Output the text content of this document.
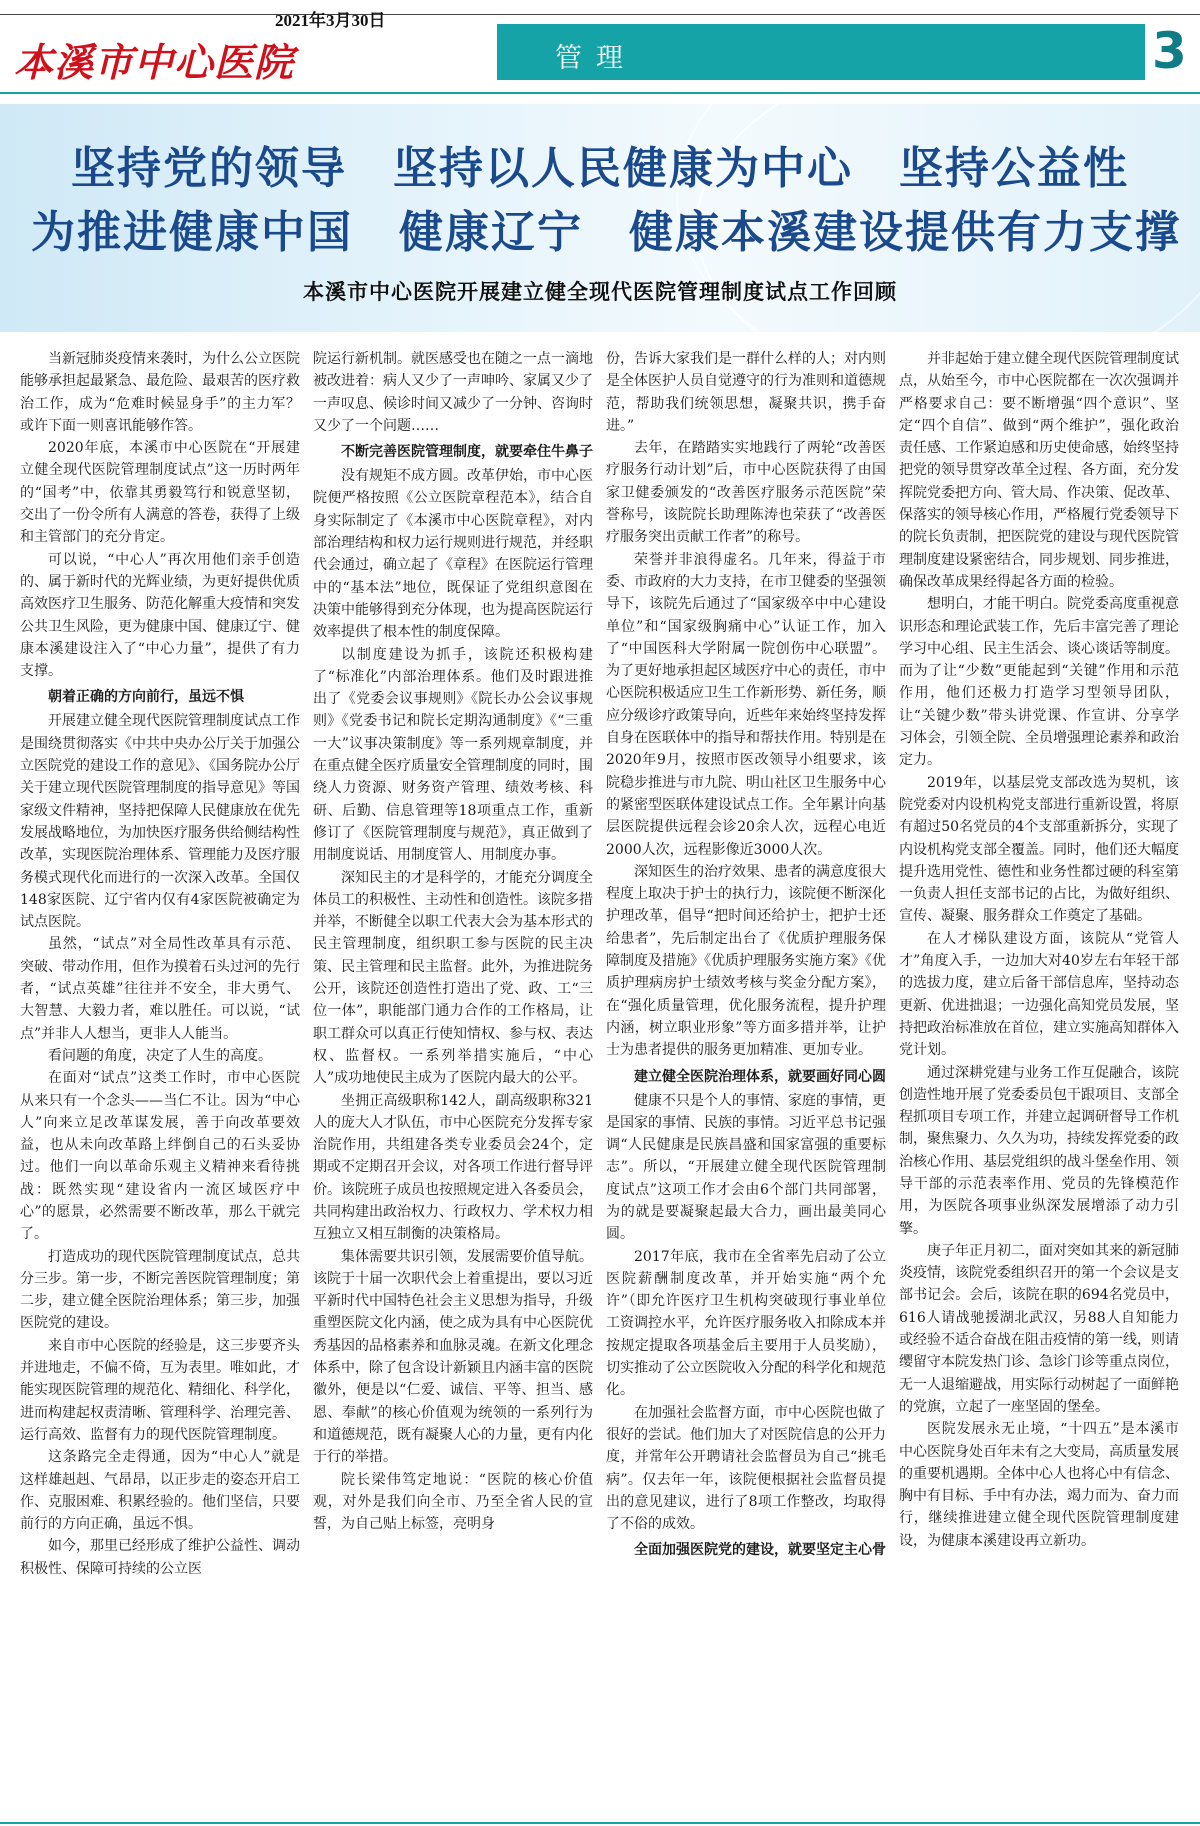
本溪市中心医院
2021年3月30日
管理	3
坚持党的领导　坚持以人民健康为中心　坚持公益性
为推进健康中国　健康辽宁　健康本溪建设提供有力支撑
本溪市中心医院开展建立健全现代医院管理制度试点工作回顾

当新冠肺炎疫情来袭时，为什么公立医院能够承担起最紧急、最危险、最艰苦的医疗救治工作，成为“危难时候显身手”的主力军？或许下面一则喜讯能够作答。

2020年底，本溪市中心医院在“开展建立健全现代医院管理制度试点”这一历时两年的“国考”中，依靠其勇毅笃行和锐意坚韧，交出了一份令所有人满意的答卷，获得了上级和主管部门的充分肯定。

可以说，“中心人”再次用他们亲手创造的、属于新时代的光辉业绩，为更好提供优质高效医疗卫生服务、防范化解重大疫情和突发公共卫生风险，更为健康中国、健康辽宁、健康本溪建设注入了“中心力量”，提供了有力支撑。

朝着正确的方向前行，虽远不惧

开展建立健全现代医院管理制度试点工作是围绕贯彻落实《中共中央办公厅关于加强公立医院党的建设工作的意见》、《国务院办公厅关于建立现代医院管理制度的指导意见》等国家级文件精神，坚持把保障人民健康放在优先发展战略地位，为加快医疗服务供给侧结构性改革，实现医院治理体系、管理能力及医疗服务模式现代化而进行的一次深入改革。全国仅148家医院、辽宁省内仅有4家医院被确定为试点医院。

虽然，“试点”对全局性改革具有示范、突破、带动作用，但作为摸着石头过河的先行者，“试点英雄”往往并不安全，非大勇气、大智慧、大毅力者，难以胜任。可以说，“试点”并非人人想当，更非人人能当。

看问题的角度，决定了人生的高度。

在面对“试点”这类工作时，市中心医院从来只有一个念头——当仁不让。因为“中心人”向来立足改革谋发展，善于向改革要效益，也从未向改革路上绊倒自己的石头妥协过。他们一向以革命乐观主义精神来看待挑战：既然实现“建设省内一流区域医疗中心”的愿景，必然需要不断改革，那么干就完了。

打造成功的现代医院管理制度试点，总共分三步。第一步，不断完善医院管理制度；第二步，建立健全医院治理体系；第三步，加强医院党的建设。

来自市中心医院的经验是，这三步要齐头并进地走，不偏不倚，互为表里。唯如此，才能实现医院管理的规范化、精细化、科学化，进而构建起权责清晰、管理科学、治理完善、运行高效、监督有力的现代医院管理制度。

这条路完全走得通，因为“中心人”就是这样雄赳赳、气昂昂，以正步走的姿态开启工作、克服困难、积累经验的。他们坚信，只要前行的方向正确，虽远不惧。

如今，那里已经形成了维护公益性、调动积极性、保障可持续的公立医

院运行新机制。就医感受也在随之一点一滴地被改进着：病人又少了一声呻吟、家属又少了一声叹息、候诊时间又减少了一分钟、咨询时又少了一个问题……

不断完善医院管理制度，就要牵住牛鼻子

没有规矩不成方圆。改革伊始，市中心医院便严格按照《公立医院章程范本》，结合自身实际制定了《本溪市中心医院章程》，对内部治理结构和权力运行规则进行规范，并经职代会通过，确立起了《章程》在医院运行管理中的“基本法”地位，既保证了党组织意图在决策中能够得到充分体现，也为提高医院运行效率提供了根本性的制度保障。

以制度建设为抓手，该院还积极构建了“标准化”内部治理体系。他们及时跟进推出了《党委会议事规则》《院长办公会议事规则》《党委书记和院长定期沟通制度》《“三重一大”议事决策制度》等一系列规章制度，并在重点健全医疗质量安全管理制度的同时，围绕人力资源、财务资产管理、绩效考核、科研、后勤、信息管理等18项重点工作，重新修订了《医院管理制度与规范》，真正做到了用制度说话、用制度管人、用制度办事。

深知民主的才是科学的，才能充分调度全体员工的积极性、主动性和创造性。该院多措并举，不断健全以职工代表大会为基本形式的民主管理制度，组织职工参与医院的民主决策、民主管理和民主监督。此外，为推进院务公开，该院还创造性打造出了党、政、工“三位一体”，职能部门通力合作的工作格局，让职工群众可以真正行使知情权、参与权、表达权、监督权。一系列举措实施后，“中心人”成功地使民主成为了医院内最大的公平。

坐拥正高级职称142人，副高级职称321人的庞大人才队伍，市中心医院充分发挥专家治院作用，共组建各类专业委员会24个，定期或不定期召开会议，对各项工作进行督导评价。该院班子成员也按照规定进入各委员会，共同构建出政治权力、行政权力、学术权力相互独立又相互制衡的决策格局。

集体需要共识引领，发展需要价值导航。该院于十届一次职代会上着重提出，要以习近平新时代中国特色社会主义思想为指导，升级重塑医院文化内涵，使之成为具有中心医院优秀基因的品格素养和血脉灵魂。在新文化理念体系中，除了包含设计新颖且内涵丰富的医院徽外，便是以“仁爱、诚信、平等、担当、感恩、奉献”的核心价值观为统领的一系列行为和道德规范，既有凝聚人心的力量，更有内化于行的举措。

院长梁伟笃定地说：“医院的核心价值观，对外是我们向全市、乃至全省人民的宣誓，为自己贴上标签，亮明身

份，告诉大家我们是一群什么样的人；对内则是全体医护人员自觉遵守的行为准则和道德规范，帮助我们统领思想，凝聚共识，携手奋进。”

去年，在踏踏实实地践行了两轮“改善医疗服务行动计划”后，市中心医院获得了由国家卫健委颁发的“改善医疗服务示范医院”荣誉称号，该院院长助理陈涛也荣获了“改善医疗服务突出贡献工作者”的称号。

荣誉并非浪得虚名。几年来，得益于市委、市政府的大力支持，在市卫健委的坚强领导下，该院先后通过了“国家级卒中中心建设单位”和“国家级胸痛中心”认证工作，加入了“中国医科大学附属一院创伤中心联盟”。为了更好地承担起区域医疗中心的责任，市中心医院积极适应卫生工作新形势、新任务，顺应分级诊疗政策导向，近些年来始终坚持发挥自身在医联体中的指导和帮扶作用。特别是在2020年9月，按照市医改领导小组要求，该院稳步推进与市九院、明山社区卫生服务中心的紧密型医联体建设试点工作。全年累计向基层医院提供远程会诊20余人次，远程心电近2000人次，远程影像近3000人次。

深知医生的治疗效果、患者的满意度很大程度上取决于护士的执行力，该院便不断深化护理改革，倡导“把时间还给护士，把护士还给患者”，先后制定出台了《优质护理服务保障制度及措施》《优质护理服务实施方案》《优质护理病房护士绩效考核与奖金分配方案》，在“强化质量管理，优化服务流程，提升护理内涵，树立职业形象”等方面多措并举，让护士为患者提供的服务更加精准、更加专业。

建立健全医院治理体系，就要画好同心圆

健康不只是个人的事情、家庭的事情，更是国家的事情、民族的事情。习近平总书记强调“人民健康是民族昌盛和国家富强的重要标志”。所以，“开展建立健全现代医院管理制度试点”这项工作才会由6个部门共同部署，为的就是要凝聚起最大合力，画出最美同心圆。

2017年底，我市在全省率先启动了公立医院薪酬制度改革，并开始实施“两个允许”（即允许医疗卫生机构突破现行事业单位工资调控水平，允许医疗服务收入扣除成本并按规定提取各项基金后主要用于人员奖励），切实推动了公立医院收入分配的科学化和规范化。

在加强社会监督方面，市中心医院也做了很好的尝试。他们加大了对医院信息的公开力度，并常年公开聘请社会监督员为自己“挑毛病”。仅去年一年，该院便根据社会监督员提出的意见建议，进行了8项工作整改，均取得了不俗的成效。

全面加强医院党的建设，就要坚定主心骨

并非起始于建立健全现代医院管理制度试点，从始至今，市中心医院都在一次次强调并严格要求自己：要不断增强“四个意识”、坚定“四个自信”、做到“两个维护”，强化政治责任感、工作紧迫感和历史使命感，始终坚持把党的领导贯穿改革全过程、各方面，充分发挥院党委把方向、管大局、作决策、促改革、保落实的领导核心作用，严格履行党委领导下的院长负责制，把医院党的建设与现代医院管理制度建设紧密结合，同步规划、同步推进，确保改革成果经得起各方面的检验。

想明白，才能干明白。院党委高度重视意识形态和理论武装工作，先后丰富完善了理论学习中心组、民主生活会、谈心谈话等制度。而为了让“少数”更能起到“关键”作用和示范作用，他们还极力打造学习型领导团队，让“关键少数”带头讲党课、作宣讲、分享学习体会，引领全院、全员增强理论素养和政治定力。

2019年，以基层党支部改选为契机，该院党委对内设机构党支部进行重新设置，将原有超过50名党员的4个支部重新拆分，实现了内设机构党支部全覆盖。同时，他们还大幅度提升选用党性、德性和业务性都过硬的科室第一负责人担任支部书记的占比，为做好组织、宣传、凝聚、服务群众工作奠定了基础。

在人才梯队建设方面，该院从“党管人才”角度入手，一边加大对40岁左右年轻干部的选拔力度，建立后备干部信息库，坚持动态更新、优进拙退；一边强化高知党员发展，坚持把政治标准放在首位，建立实施高知群体入党计划。

通过深耕党建与业务工作互促融合，该院创造性地开展了党委委员包干跟项目、支部全程抓项目专项工作，并建立起调研督导工作机制，聚焦聚力、久久为功，持续发挥党委的政治核心作用、基层党组织的战斗堡垒作用、领导干部的示范表率作用、党员的先锋模范作用，为医院各项事业纵深发展增添了动力引擎。

庚子年正月初二，面对突如其来的新冠肺炎疫情，该院党委组织召开的第一个会议是支部书记会。会后，该院在职的694名党员中，616人请战驰援湖北武汉，另88人自知能力或经验不适合奋战在阻击疫情的第一线，则请缨留守本院发热门诊、急诊门诊等重点岗位，无一人退缩避战，用实际行动树起了一面鲜艳的党旗，立起了一座坚固的堡垒。

医院发展永无止境，“十四五”是本溪市中心医院身处百年未有之大变局，高质量发展的重要机遇期。全体中心人也将心中有信念、胸中有目标、手中有办法，竭力而为、奋力而行，继续推进建立健全现代医院管理制度建设，为健康本溪建设再立新功。
